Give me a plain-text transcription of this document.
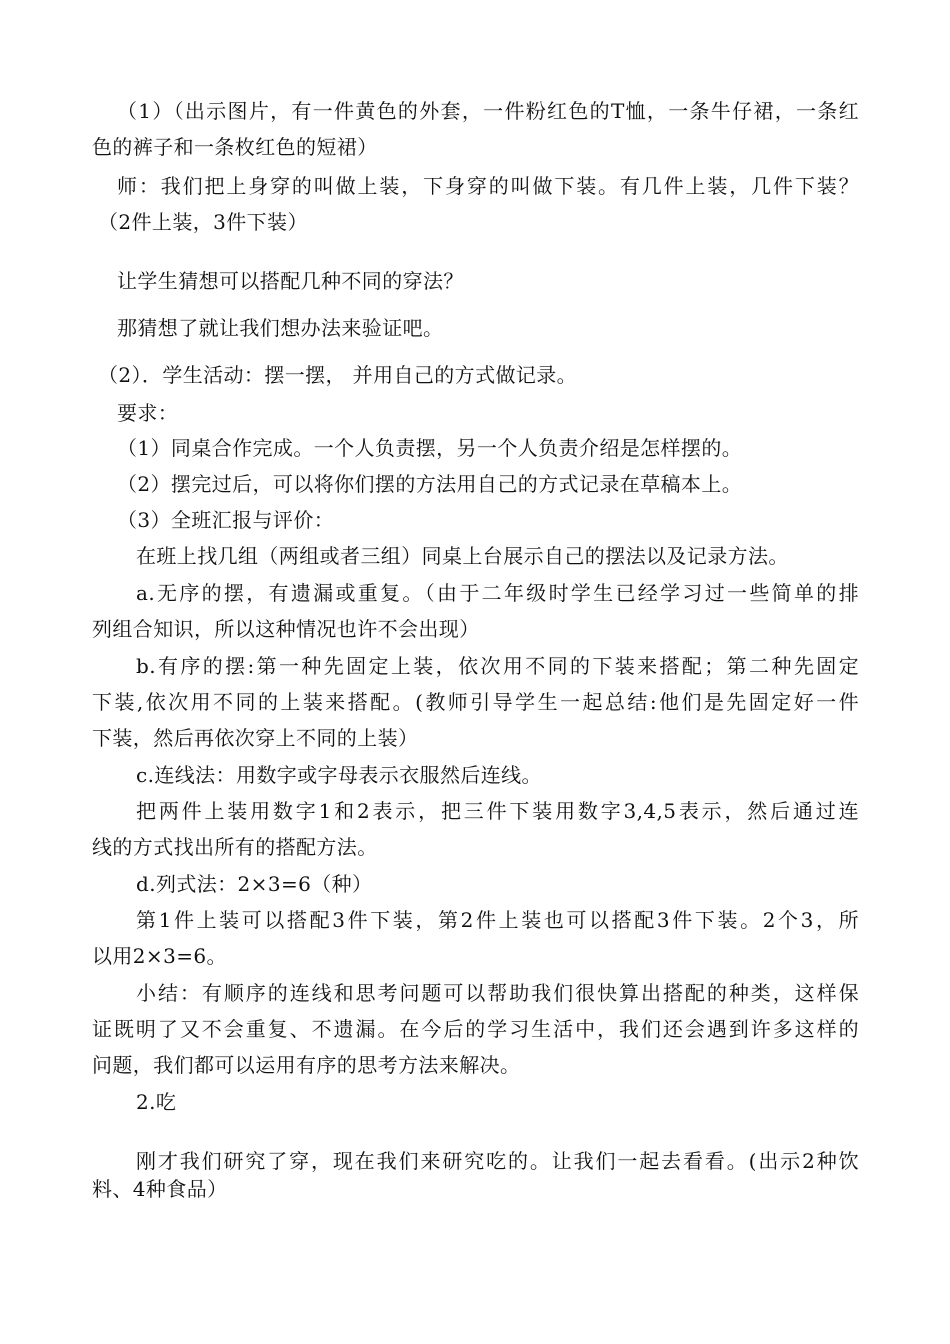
（1）（出示图片，有一件黄色的外套，一件粉红色的T恤，一条牛仔裙，一条红

色的裤子和一条枚红色的短裙）

师：我们把上身穿的叫做上装，下身穿的叫做下装。有几件上装，几件下装？

（2件上装，3件下装）

让学生猜想可以搭配几种不同的穿法？

那猜想了就让我们想办法来验证吧。

（2）．学生活动：摆一摆， 并用自己的方式做记录。

要求：

（1）同桌合作完成。一个人负责摆，另一个人负责介绍是怎样摆的。

（2）摆完过后，可以将你们摆的方法用自己的方式记录在草稿本上。

（3）全班汇报与评价：

在班上找几组（两组或者三组）同桌上台展示自己的摆法以及记录方法。

a.无序的摆，有遗漏或重复。（由于二年级时学生已经学习过一些简单的排

列组合知识，所以这种情况也许不会出现）

b.有序的摆:第一种先固定上装，依次用不同的下装来搭配；第二种先固定

下装,依次用不同的上装来搭配。(教师引导学生一起总结:他们是先固定好一件

下装，然后再依次穿上不同的上装）

c.连线法：用数字或字母表示衣服然后连线。

把两件上装用数字1和2表示，把三件下装用数字3,4,5表示，然后通过连

线的方式找出所有的搭配方法。

d.列式法：2×3=6（种）

第1件上装可以搭配3件下装，第2件上装也可以搭配3件下装。2个3，所

以用2×3=6。

小结：有顺序的连线和思考问题可以帮助我们很快算出搭配的种类，这样保

证既明了又不会重复、不遗漏。在今后的学习生活中，我们还会遇到许多这样的

问题，我们都可以运用有序的思考方法来解决。

2.吃

刚才我们研究了穿，现在我们来研究吃的。让我们一起去看看。(出示2种饮

料、4种食品）
